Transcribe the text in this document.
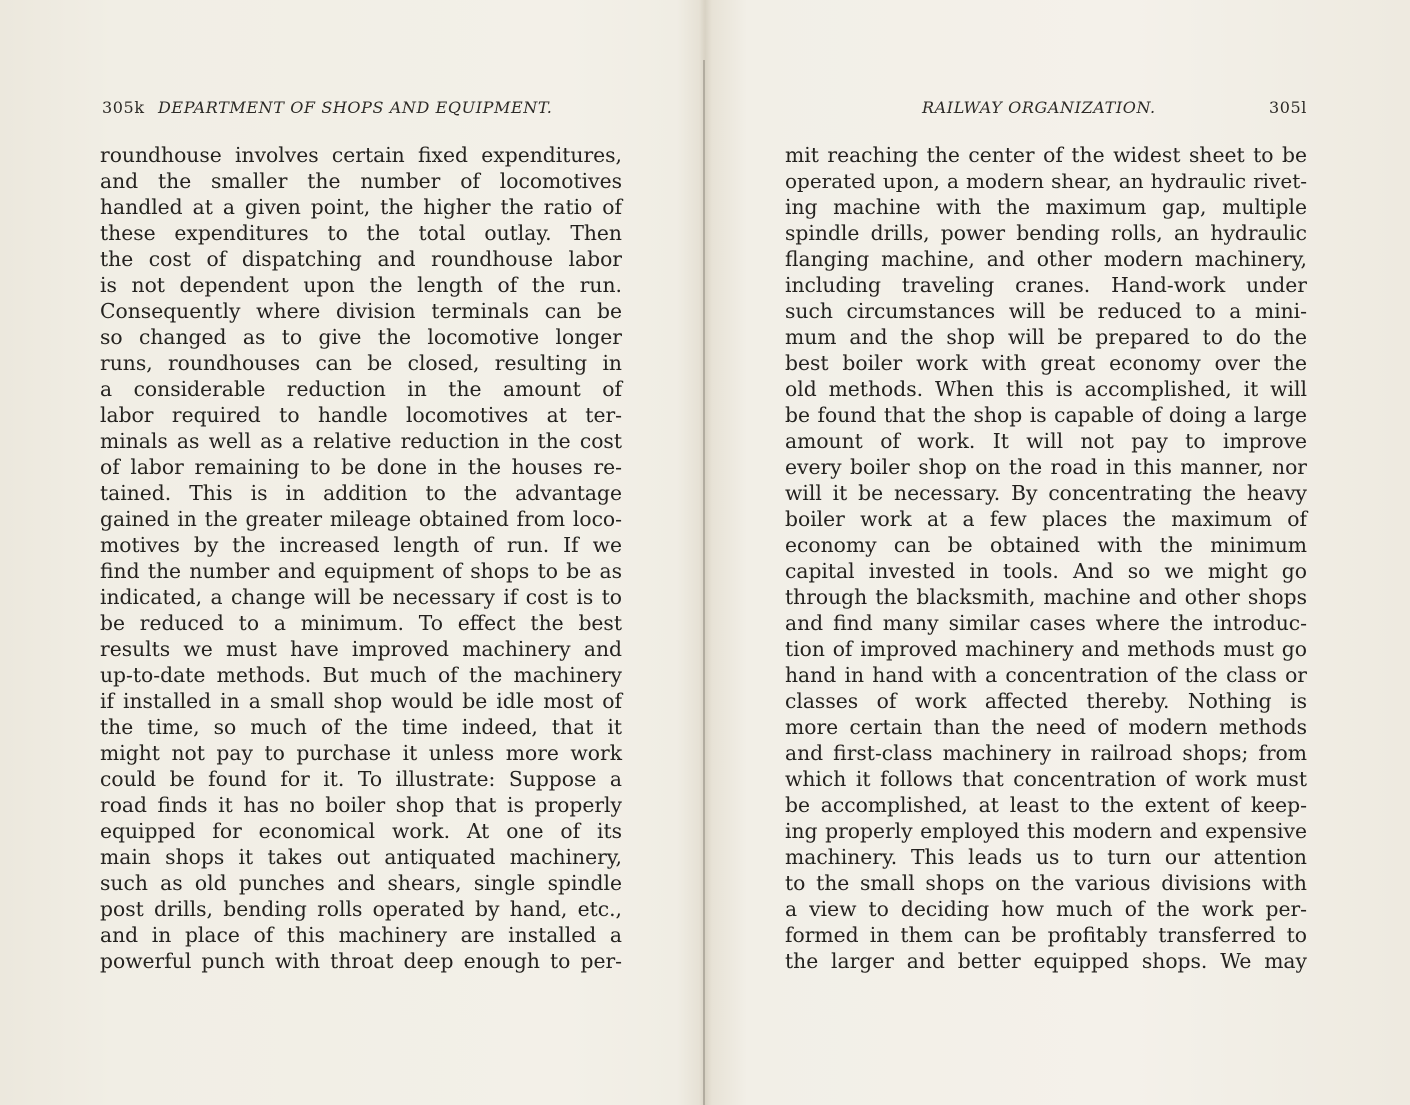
305k DEPARTMENT OF SHOPS AND EQUIPMENT.
roundhouse involves certain fixed expenditures,
and the smaller the number of locomotives
handled at a given point, the higher the ratio of
these expenditures to the total outlay. Then
the cost of dispatching and roundhouse labor
is not dependent upon the length of the run.
Consequently where division terminals can be
so changed as to give the locomotive longer
runs, roundhouses can be closed, resulting in
a considerable reduction in the amount of
labor required to handle locomotives at ter-
minals as well as a relative reduction in the cost
of labor remaining to be done in the houses re-
tained. This is in addition to the advantage
gained in the greater mileage obtained from loco-
motives by the increased length of run. If we
find the number and equipment of shops to be as
indicated, a change will be necessary if cost is to
be reduced to a minimum. To effect the best
results we must have improved machinery and
up-to-date methods. But much of the machinery
if installed in a small shop would be idle most of
the time, so much of the time indeed, that it
might not pay to purchase it unless more work
could be found for it. To illustrate: Suppose a
road finds it has no boiler shop that is properly
equipped for economical work. At one of its
main shops it takes out antiquated machinery,
such as old punches and shears, single spindle
post drills, bending rolls operated by hand, etc.,
and in place of this machinery are installed a
powerful punch with throat deep enough to per-
RAILWAY ORGANIZATION.	305l
mit reaching the center of the widest sheet to be
operated upon, a modern shear, an hydraulic rivet-
ing machine with the maximum gap, multiple
spindle drills, power bending rolls, an hydraulic
flanging machine, and other modern machinery,
including traveling cranes. Hand-work under
such circumstances will be reduced to a mini-
mum and the shop will be prepared to do the
best boiler work with great economy over the
old methods. When this is accomplished, it will
be found that the shop is capable of doing a large
amount of work. It will not pay to improve
every boiler shop on the road in this manner, nor
will it be necessary. By concentrating the heavy
boiler work at a few places the maximum of
economy can be obtained with the minimum
capital invested in tools. And so we might go
through the blacksmith, machine and other shops
and find many similar cases where the introduc-
tion of improved machinery and methods must go
hand in hand with a concentration of the class or
classes of work affected thereby. Nothing is
more certain than the need of modern methods
and first-class machinery in railroad shops; from
which it follows that concentration of work must
be accomplished, at least to the extent of keep-
ing properly employed this modern and expensive
machinery. This leads us to turn our attention
to the small shops on the various divisions with
a view to deciding how much of the work per-
formed in them can be profitably transferred to
the larger and better equipped shops. We may
